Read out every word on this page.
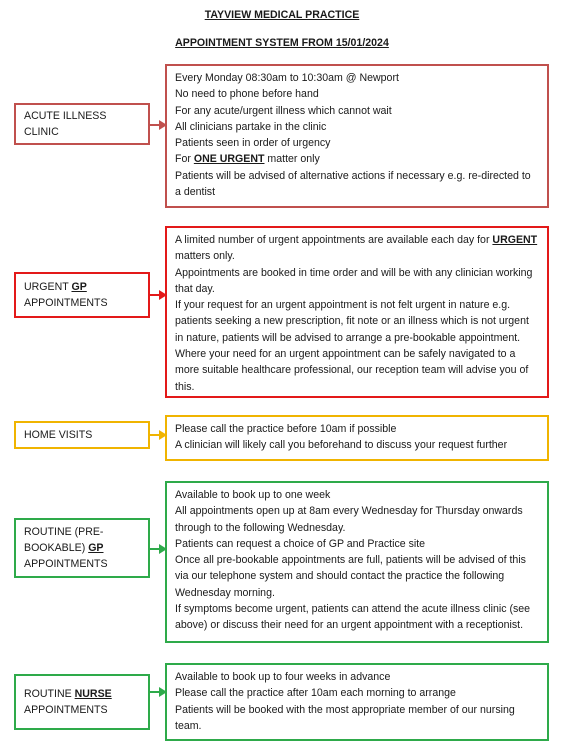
TAYVIEW MEDICAL PRACTICE
APPOINTMENT SYSTEM FROM 15/01/2024
ACUTE ILLNESS
CLINIC

Every Monday 08:30am to 10:30am @ Newport

No need to phone before hand

For any acute/urgent illness which cannot wait

All clinicians partake in the clinic

Patients seen in order of urgency

For ONE URGENT matter only

Patients will be advised of alternative actions if necessary e.g. re-directed to a dentist

URGENT GP
APPOINTMENTS

A limited number of urgent appointments are available each day for URGENT matters only.

Appointments are booked in time order and will be with any clinician working that day.

If your request for an urgent appointment is not felt urgent in nature e.g. patients seeking a new prescription, fit note or an illness which is not urgent in nature, patients will be advised to arrange a pre-bookable appointment.

Where your need for an urgent appointment can be safely navigated to a more suitable healthcare professional, our reception team will advise you of this.

HOME VISITS	Please call the practice before 10am if possible

A clinician will likely call you beforehand to discuss your request further

ROUTINE (PRE-
BOOKABLE) GP
APPOINTMENTS

Available to book up to one week

All appointments open up at 8am every Wednesday for Thursday onwards through to the following Wednesday.

Patients can request a choice of GP and Practice site

Once all pre-bookable appointments are full, patients will be advised of this via our telephone system and should contact the practice the following Wednesday morning.

If symptoms become urgent, patients can attend the acute illness clinic (see above) or discuss their need for an urgent appointment with a receptionist.

ROUTINE NURSE
APPOINTMENTS

Available to book up to four weeks in advance

Please call the practice after 10am each morning to arrange

Patients will be booked with the most appropriate member of our nursing team.
